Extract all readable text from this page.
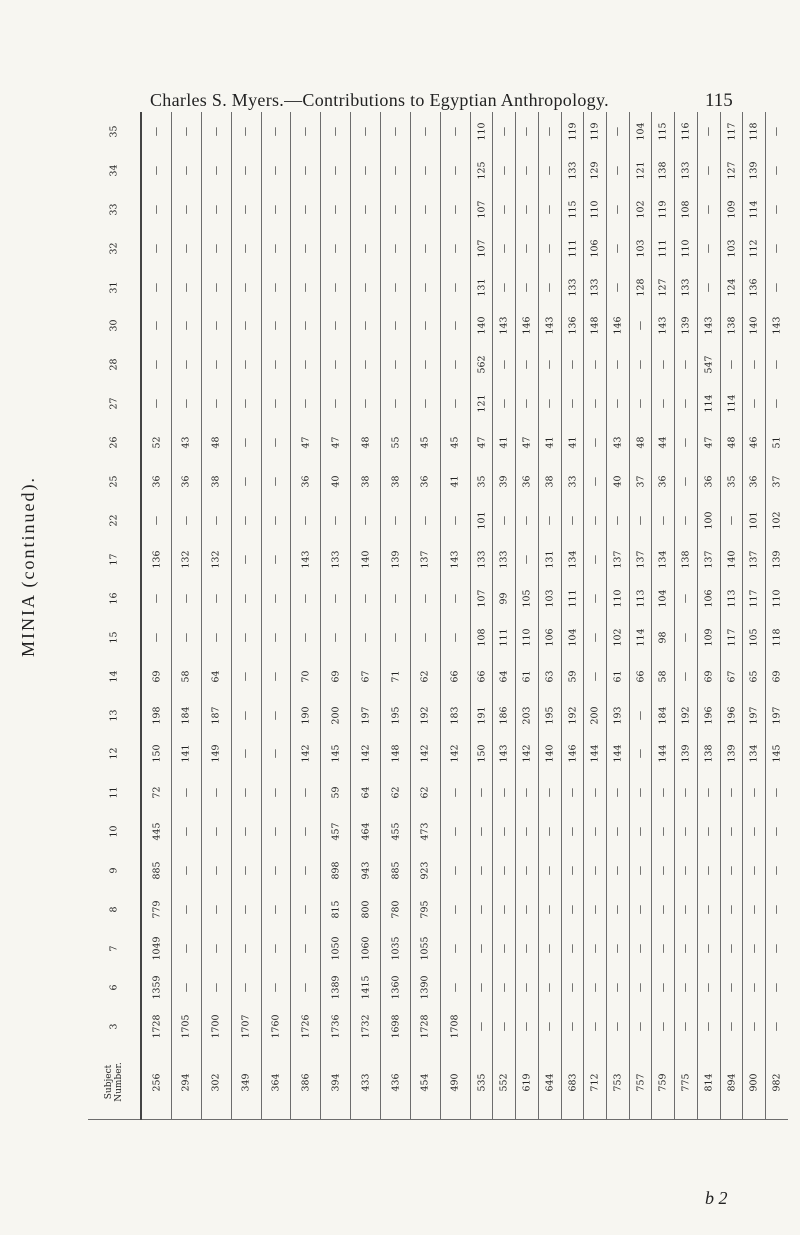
Charles S. Myers.—Contributions to Egyptian Anthropology.	115
MINIA (continued).
35	—	—	—	—	—	—	—	—	—	—	—	110	—	—	—	119	119	—	104	115	116	—	117	118	—
34	—	—	—	—	—	—	—	—	—	—	—	125	—	—	—	133	129	—	121	138	133	—	127	139	—
33	—	—	—	—	—	—	—	—	—	—	—	107	—	—	—	115	110	—	102	119	108	—	109	114	—
32	—	—	—	—	—	—	—	—	—	—	—	107	—	—	—	111	106	—	103	111	110	—	103	112	—
31	—	—	—	—	—	—	—	—	—	—	—	131	—	—	—	133	133	—	128	127	133	—	124	136	—
30	—	—	—	—	—	—	—	—	—	—	—	140	143	146	143	136	148	146	—	143	139	143	138	140	143
28	—	—	—	—	—	—	—	—	—	—	—	562	—	—	—	—	—	—	—	—	—	547	—	—	—
27	—	—	—	—	—	—	—	—	—	—	—	121	—	—	—	—	—	—	—	—	—	114	114	—	—
26	52	43	48	—	—	47	47	48	55	45	45	47	41	47	41	41	—	43	48	44	—	47	48	46	51
25	36	36	38	—	—	36	40	38	38	36	41	35	39	36	38	33	—	40	37	36	—	36	35	36	37
22	—	—	—	—	—	—	—	—	—	—	—	101	—	—	—	—	—	—	—	—	—	100	—	101	102
17	136	132	132	—	—	143	133	140	139	137	143	133	133	—	131	134	—	137	137	134	138	137	140	137	139
16	—	—	—	—	—	—	—	—	—	—	—	107	99	105	103	111	—	110	113	104	—	106	113	117	110
15	—	—	—	—	—	—	—	—	—	—	—	108	111	110	106	104	—	102	114	98	—	109	117	105	118
14	69	58	64	—	—	70	69	67	71	62	66	66	64	61	63	59	—	61	66	58	—	69	67	65	69
13	198	184	187	—	—	190	200	197	195	192	183	191	186	203	195	192	200	193	—	184	192	196	196	197	197
12	150	141	149	—	—	142	145	142	148	142	142	150	143	142	140	146	144	144	—	144	139	138	139	134	145
11	72	—	—	—	—	—	59	64	62	62	—	—	—	—	—	—	—	—	—	—	—	—	—	—	—
10	445	—	—	—	—	—	457	464	455	473	—	—	—	—	—	—	—	—	—	—	—	—	—	—	—
9	885	—	—	—	—	—	898	943	885	923	—	—	—	—	—	—	—	—	—	—	—	—	—	—	—
8	779	—	—	—	—	—	815	800	780	795	—	—	—	—	—	—	—	—	—	—	—	—	—	—	—
7	1049	—	—	—	—	—	1050	1060	1035	1055	—	—	—	—	—	—	—	—	—	—	—	—	—	—	—
6	1359	—	—	—	—	—	1389	1415	1360	1390	—	—	—	—	—	—	—	—	—	—	—	—	—	—	—
3	1728	1705	1700	1707	1760	1726	1736	1732	1698	1728	1708	—	—	—	—	—	—	—	—	—	—	—	—	—	—
Subject Number.	256	294	302	349	364	386	394	433	436	454	490	535	552	619	644	683	712	753	757	759	775	814	894	900	982
b 2
